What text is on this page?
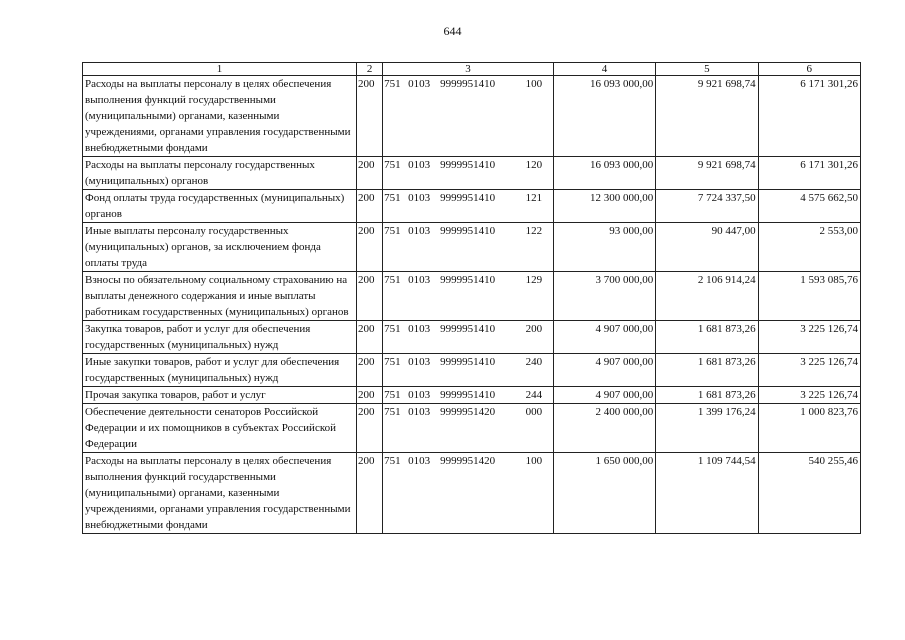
644
1	2	3	4	5	6
Расходы на выплаты персоналу в целях обеспечения выполнения функций государственными (муниципальными) органами, казенными учреждениями, органами управления государственными внебюджетными фондами	200	751 0103 9999951410 100	16 093 000,00	9 921 698,74	6 171 301,26
Расходы на выплаты персоналу государственных (муниципальных) органов	200	751 0103 9999951410 120	16 093 000,00	9 921 698,74	6 171 301,26
Фонд оплаты труда государственных (муниципальных) органов	200	751 0103 9999951410 121	12 300 000,00	7 724 337,50	4 575 662,50
Иные выплаты персоналу государственных (муниципальных) органов, за исключением фонда оплаты труда	200	751 0103 9999951410 122	93 000,00	90 447,00	2 553,00
Взносы по обязательному социальному страхованию на выплаты денежного содержания и иные выплаты работникам государственных (муниципальных) органов	200	751 0103 9999951410 129	3 700 000,00	2 106 914,24	1 593 085,76
Закупка товаров, работ и услуг для обеспечения государственных (муниципальных) нужд	200	751 0103 9999951410 200	4 907 000,00	1 681 873,26	3 225 126,74
Иные закупки товаров, работ и услуг для обеспечения государственных (муниципальных) нужд	200	751 0103 9999951410 240	4 907 000,00	1 681 873,26	3 225 126,74
Прочая закупка товаров, работ и услуг	200	751 0103 9999951410 244	4 907 000,00	1 681 873,26	3 225 126,74
Обеспечение деятельности сенаторов Российской Федерации и их помощников в субъектах Российской Федерации	200	751 0103 9999951420 000	2 400 000,00	1 399 176,24	1 000 823,76
Расходы на выплаты персоналу в целях обеспечения выполнения функций государственными (муниципальными) органами, казенными учреждениями, органами управления государственными внебюджетными фондами	200	751 0103 9999951420 100	1 650 000,00	1 109 744,54	540 255,46
